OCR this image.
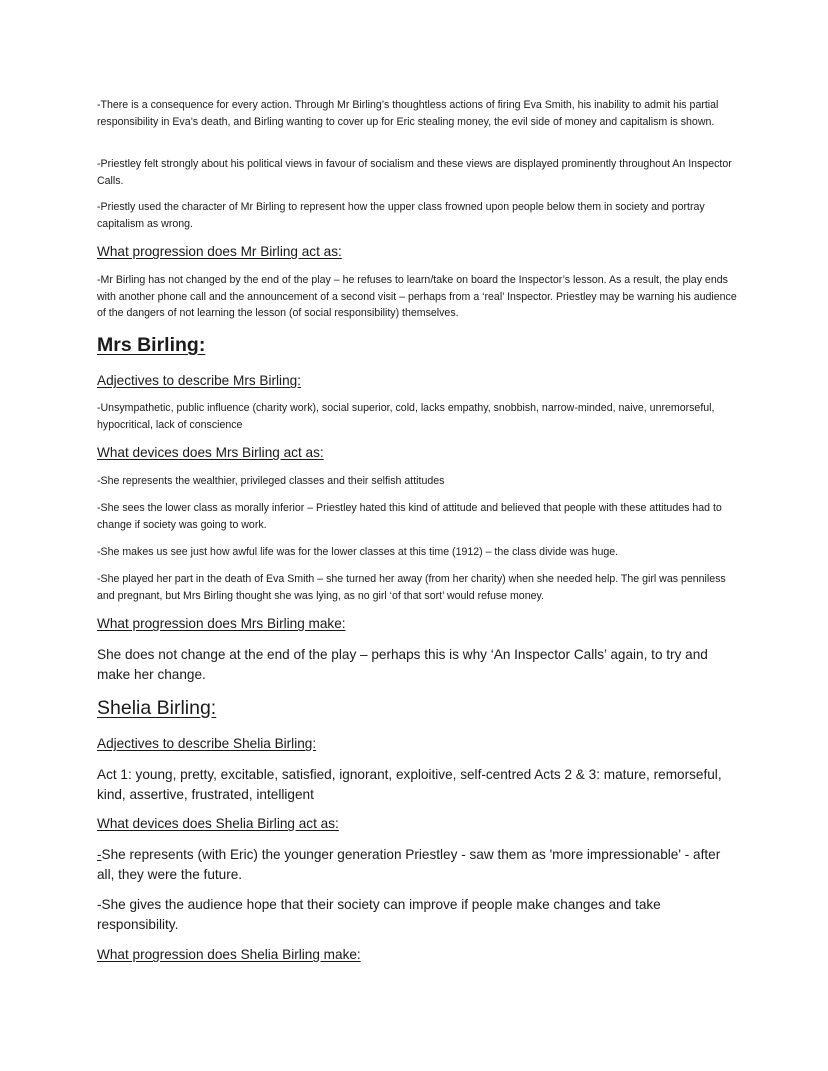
-There is a consequence for every action. Through Mr Birling’s thoughtless actions of firing Eva Smith, his inability to admit his partial responsibility in Eva’s death, and Birling wanting to cover up for Eric stealing money, the evil side of money and capitalism is shown.

-Priestley felt strongly about his political views in favour of socialism and these views are displayed prominently throughout An Inspector Calls.

-Priestly used the character of Mr Birling to represent how the upper class frowned upon people below them in society and portray capitalism as wrong.

What progression does Mr Birling act as:

-Mr Birling has not changed by the end of the play – he refuses to learn/take on board the Inspector’s lesson. As a result, the play ends with another phone call and the announcement of a second visit – perhaps from a ‘real’ Inspector. Priestley may be warning his audience of the dangers of not learning the lesson (of social responsibility) themselves.

Mrs Birling:

Adjectives to describe Mrs Birling:

-Unsympathetic, public influence (charity work), social superior, cold, lacks empathy, snobbish, narrow-minded, naive, unremorseful, hypocritical, lack of conscience

What devices does Mrs Birling act as:

-She represents the wealthier, privileged classes and their selfish attitudes

-She sees the lower class as morally inferior – Priestley hated this kind of attitude and believed that people with these attitudes had to change if society was going to work.

-She makes us see just how awful life was for the lower classes at this time (1912) – the class divide was huge.

-She played her part in the death of Eva Smith – she turned her away (from her charity) when she needed help. The girl was penniless and pregnant, but Mrs Birling thought she was lying, as no girl ‘of that sort’ would refuse money.

What progression does Mrs Birling make:

She does not change at the end of the play – perhaps this is why ‘An Inspector Calls’ again, to try and make her change.

Shelia Birling:

Adjectives to describe Shelia Birling:

Act 1: young, pretty, excitable, satisfied, ignorant, exploitive, self-centred Acts 2 & 3: mature, remorseful, kind, assertive, frustrated, intelligent

What devices does Shelia Birling act as:

-She represents (with Eric) the younger generation Priestley - saw them as 'more impressionable' - after all, they were the future.

-She gives the audience hope that their society can improve if people make changes and take responsibility.

What progression does Shelia Birling make:
